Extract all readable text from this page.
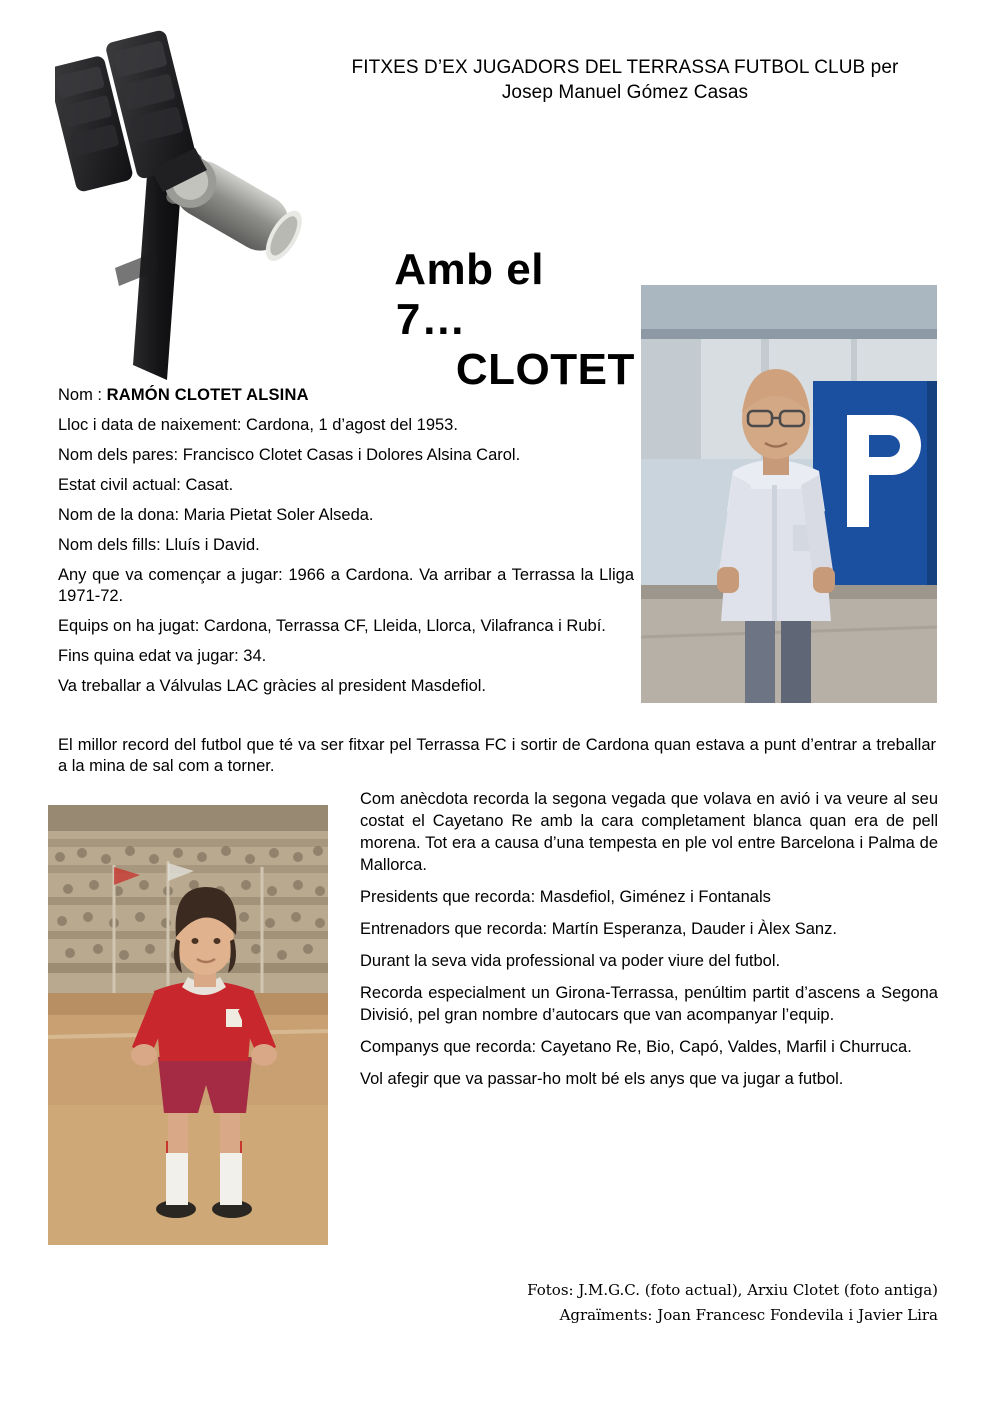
FITXES D’EX JUGADORS DEL TERRASSA FUTBOL CLUB per
Josep Manuel Gómez Casas

Amb el
7…
CLOTET

Nom : RAMÓN CLOTET ALSINA

Lloc i data de naixement: Cardona, 1 d’agost del 1953.

Nom dels pares: Francisco Clotet Casas i Dolores Alsina Carol.

Estat civil actual: Casat.

Nom de la dona: Maria Pietat Soler Alseda.

Nom dels fills: Lluís i David.

Any que va començar a jugar: 1966 a Cardona. Va arribar a Terrassa la Lliga 1971-72.

Equips on ha jugat: Cardona, Terrassa CF, Lleida, Llorca, Vilafranca i Rubí.

Fins quina edat va jugar: 34.

Va treballar a Válvulas LAC gràcies al president Masdefiol.

El millor record del futbol que té va ser fitxar pel Terrassa FC i sortir de Cardona quan estava a punt d’entrar a treballar a la mina de sal com a torner.

Com anècdota recorda la segona vegada que volava en avió i va veure al seu costat el Cayetano Re amb la cara completament blanca quan era de pell morena. Tot era a causa d’una tempesta en ple vol entre Barcelona i Palma de Mallorca.

Presidents que recorda: Masdefiol, Giménez i Fontanals

Entrenadors que recorda: Martín Esperanza, Dauder i Àlex Sanz.

Durant la seva vida professional va poder viure del futbol.

Recorda especialment un Girona-Terrassa, penúltim partit d’ascens a Segona Divisió, pel gran nombre d’autocars que van acompanyar l’equip.

Companys que recorda: Cayetano Re, Bio, Capó, Valdes, Marfil i Churruca.

Vol afegir que va passar-ho molt bé els anys que va jugar a futbol.

Fotos: J.M.G.C. (foto actual), Arxiu Clotet (foto antiga)
Agraïments: Joan Francesc Fondevila i Javier Lira
